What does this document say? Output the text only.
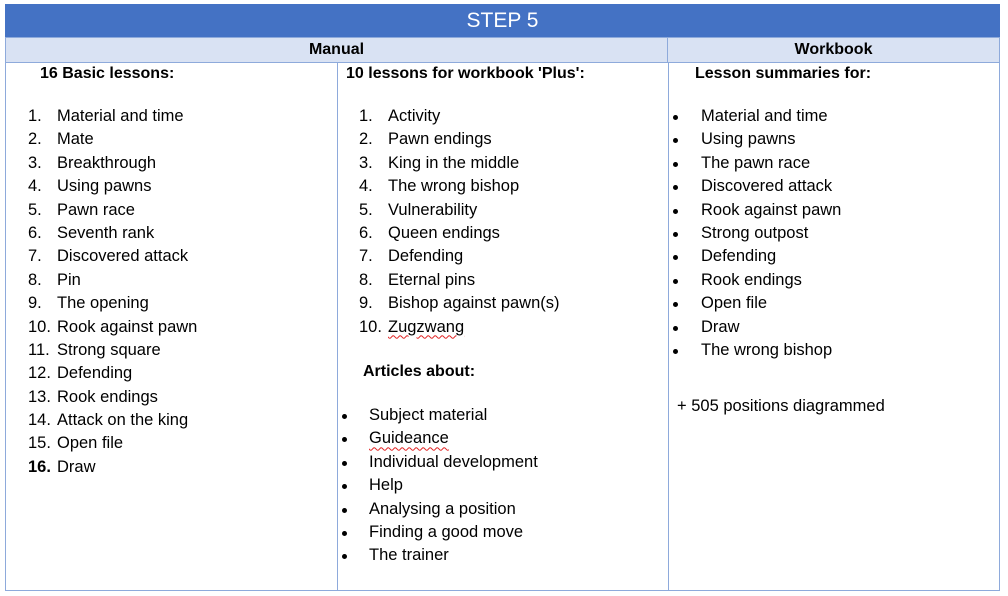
STEP 5
Manual	Workbook
16 Basic lessons:
1. Material and time
2. Mate
3. Breakthrough
4. Using pawns
5. Pawn race
6. Seventh rank
7. Discovered attack
8. Pin
9. The opening
10. Rook against pawn
11. Strong square
12. Defending
13. Rook endings
14. Attack on the king
15. Open file
16. Draw
10 lessons for workbook 'Plus':
1. Activity
2. Pawn endings
3. King in the middle
4. The wrong bishop
5. Vulnerability
6. Queen endings
7. Defending
8. Eternal pins
9. Bishop against pawn(s)
10. Zugzwang
Articles about:
Subject material
Guideance
Individual development
Help
Analysing a position
Finding a good move
The trainer
Lesson summaries for:
Material and time
Using pawns
The pawn race
Discovered attack
Rook against pawn
Strong outpost
Defending
Rook endings
Open file
Draw
The wrong bishop
+ 505 positions diagrammed
